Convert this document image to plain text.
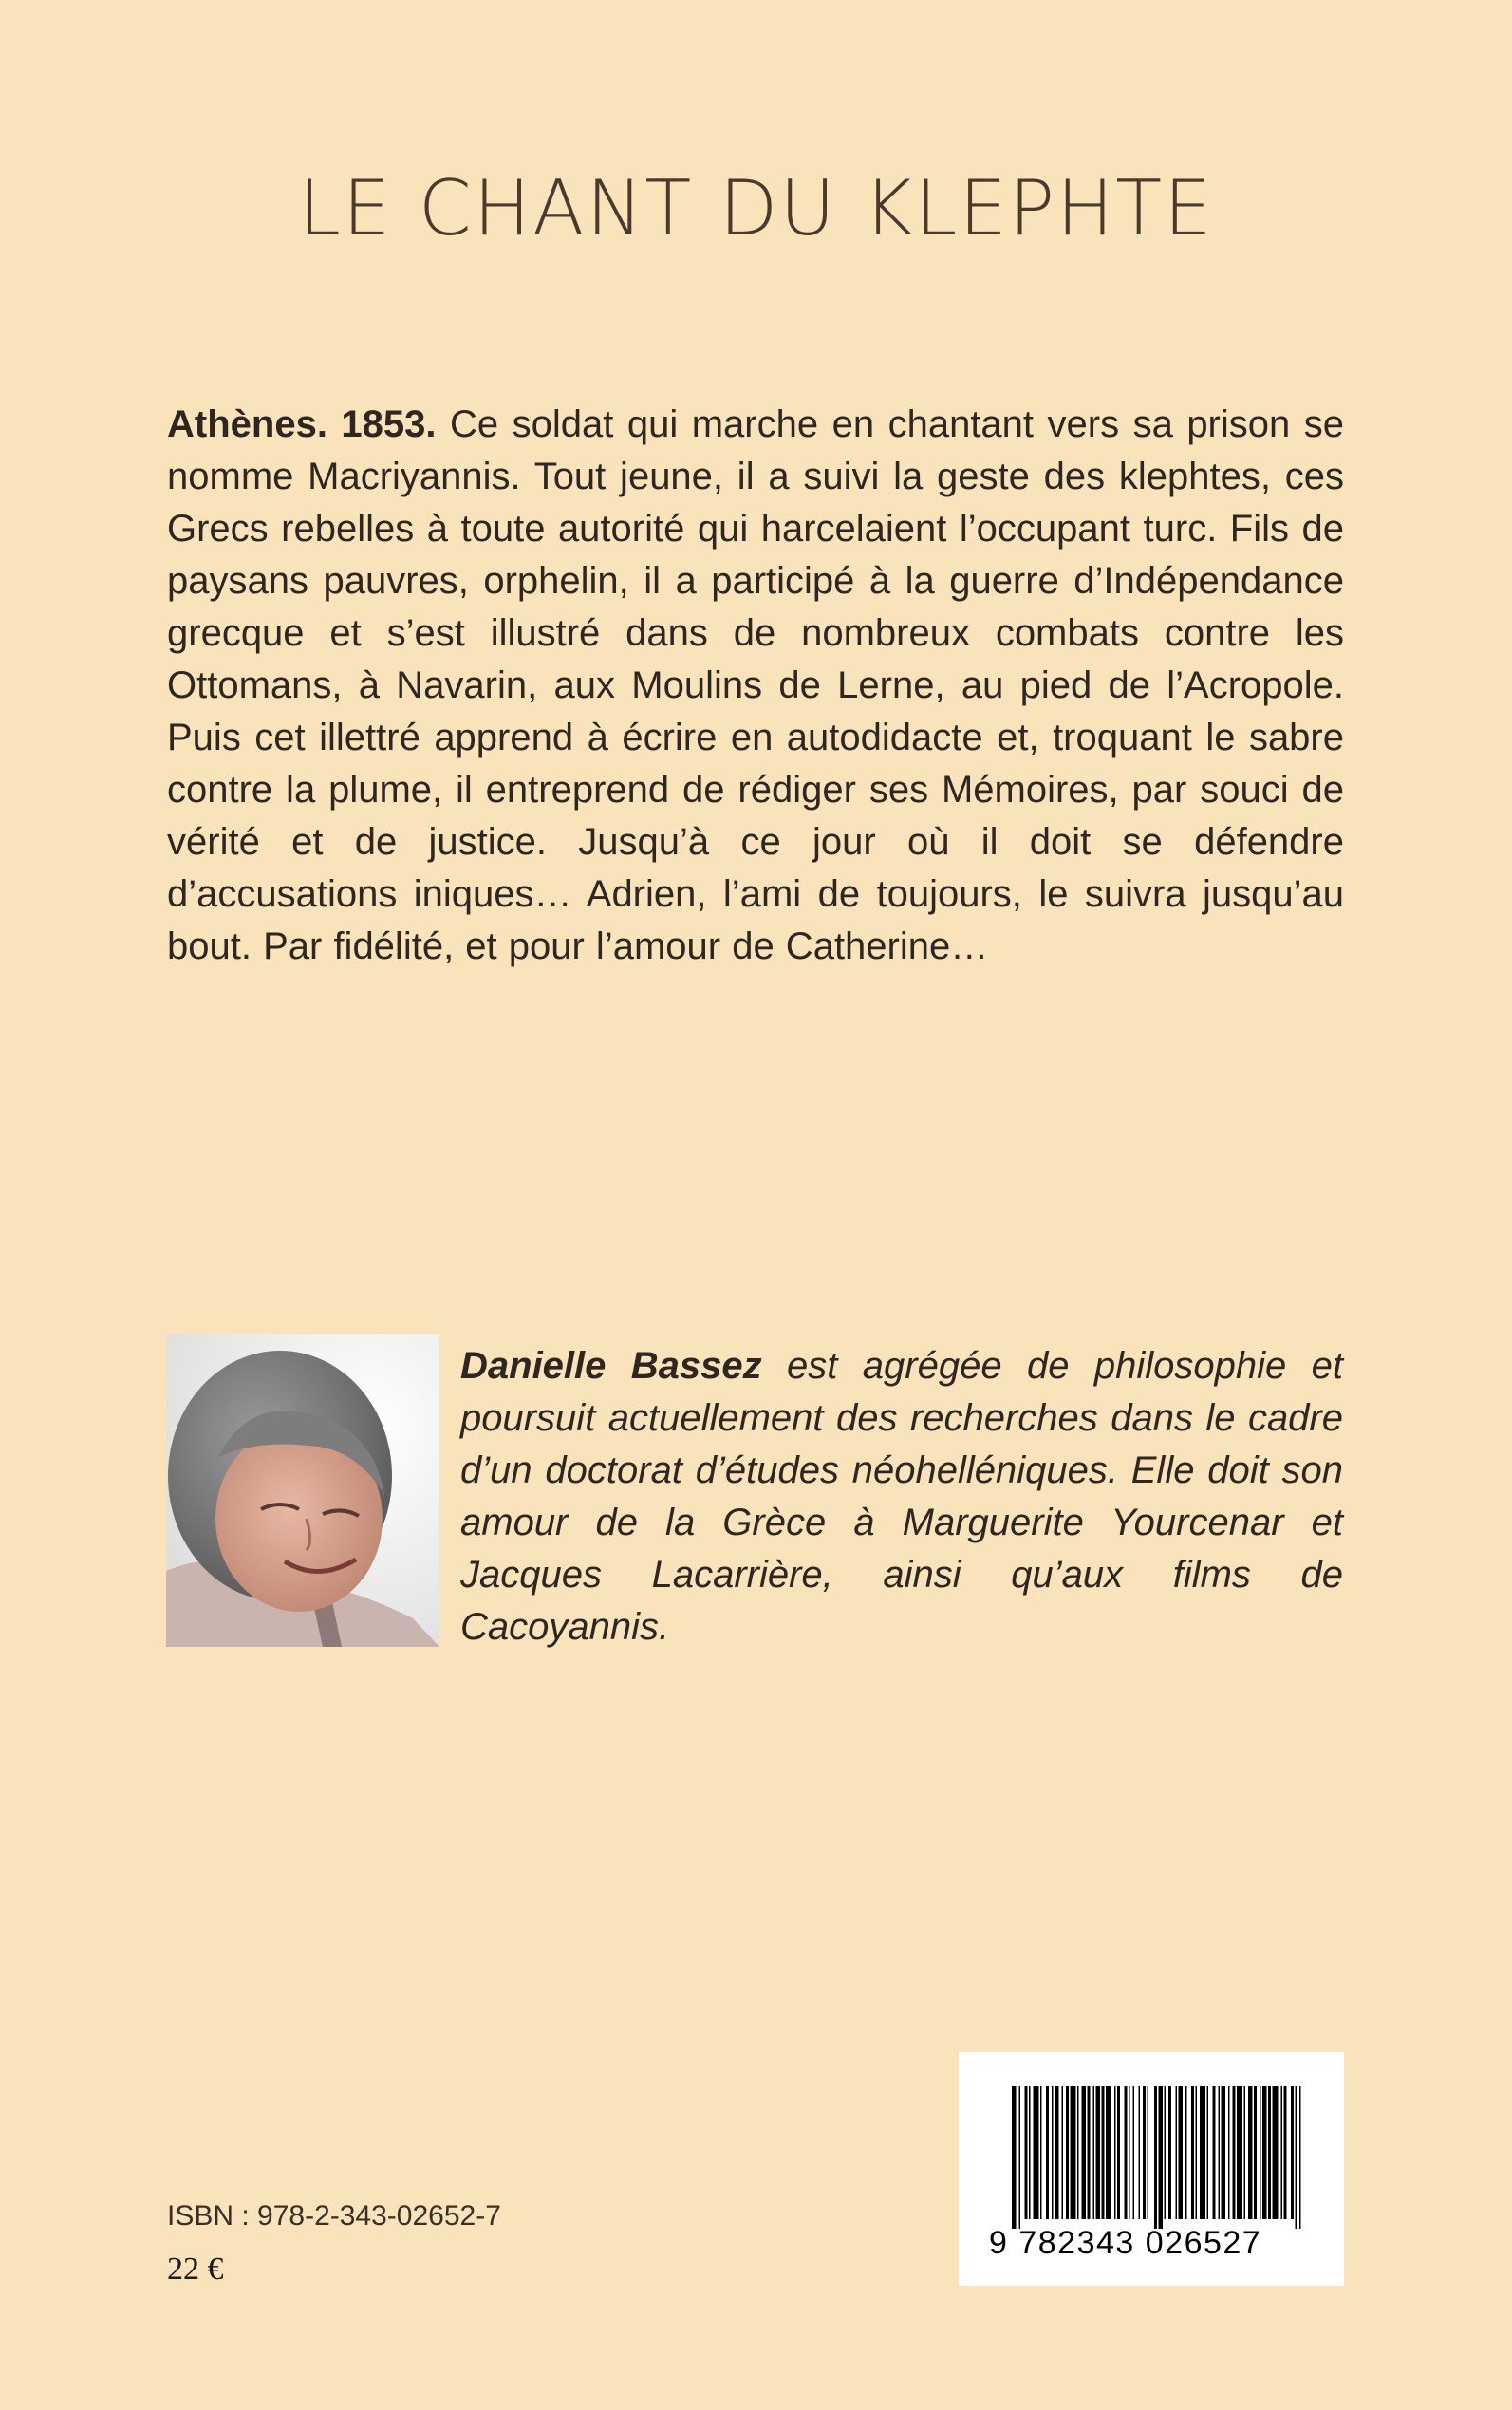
LE CHANT DU KLEPHTE
Athènes. 1853. Ce soldat qui marche en chantant vers sa prison se nomme Macriyannis. Tout jeune, il a suivi la geste des klephtes, ces Grecs rebelles à toute autorité qui harcelaient l’occupant turc. Fils de paysans pauvres, orphelin, il a participé à la guerre d’Indépendance grecque et s’est illustré dans de nombreux combats contre les Ottomans, à Navarin, aux Moulins de Lerne, au pied de l’Acropole. Puis cet illettré apprend à écrire en autodidacte et, troquant le sabre contre la plume, il entreprend de rédiger ses Mémoires, par souci de vérité et de justice. Jusqu’à ce jour où il doit se défendre d’accusations iniques… Adrien, l’ami de toujours, le suivra jusqu’au bout. Par fidélité, et pour l’amour de Catherine…
Danielle Bassez est agrégée de philosophie et poursuit actuellement des recherches dans le cadre d’un doctorat d’études néohelléniques. Elle doit son amour de la Grèce à Marguerite Yourcenar et Jacques Lacarrière, ainsi qu’aux films de Cacoyannis.
ISBN : 978-2-343-02652-7
22 €
9 782343 026527
